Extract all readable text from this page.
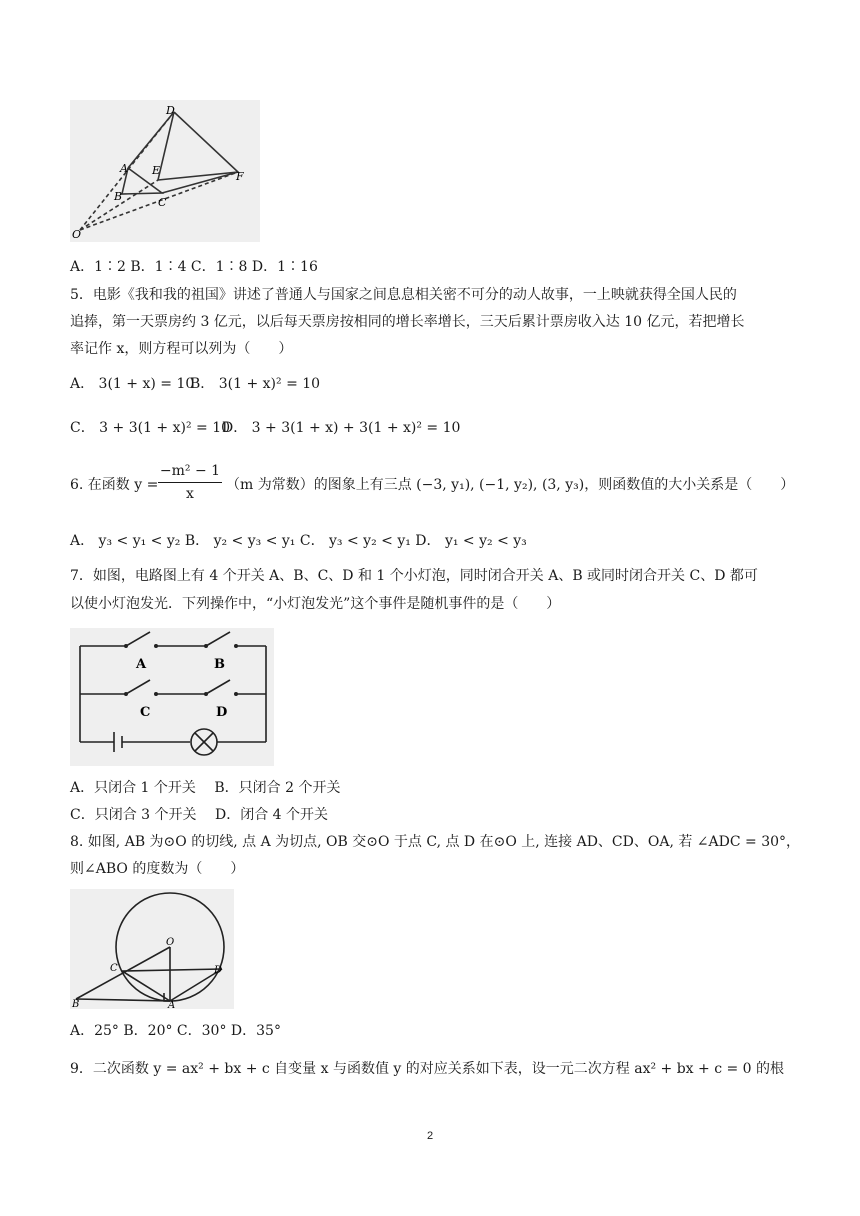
D
A E
B	C
F
O
A．1∶2 B．1∶4 C．1∶8 D．1∶16
5．电影《我和我的祖国》讲述了普通人与国家之间息息相关密不可分的动人故事，一上映就获得全国人民的
追捧，第一天票房约 3 亿元，以后每天票房按相同的增长率增长，三天后累计票房收入达 10 亿元，若把增长
率记作 x，则方程可以列为（　　）
A． 3(1 + x) = 10
B． 3(1 + x)² = 10
C． 3 + 3(1 + x)² = 10
D． 3 + 3(1 + x) + 3(1 + x)² = 10
6. 在函数 y =
−m² − 1
x
（m 为常数）的图象上有三点 (−3, y₁), (−1, y₂), (3, y₃)，则函数值的大小关系是（　　）
A． y₃ < y₁ < y₂ B． y₂ < y₃ < y₁ C． y₃ < y₂ < y₁ D． y₁ < y₂ < y₃
7．如图，电路图上有 4 个开关 A、B、C、D 和 1 个小灯泡，同时闭合开关 A、B 或同时闭合开关 C、D 都可
以使小灯泡发光．下列操作中，“小灯泡发光”这个事件是随机事件的是（　　）
A	B
C	D
A．只闭合 1 个开关　 B．只闭合 2 个开关
C．只闭合 3 个开关　 D．闭合 4 个开关
8. 如图, AB 为⊙O 的切线, 点 A 为切点, OB 交⊙O 于点 C, 点 D 在⊙O 上, 连接 AD、CD、OA, 若 ∠ADC = 30°，
则∠ABO 的度数为（　　）
O
C	D
B	A
A．25° B．20° C．30° D．35°
9．二次函数 y = ax² + bx + c 自变量 x 与函数值 y 的对应关系如下表，设一元二次方程 ax² + bx + c = 0 的根
2
